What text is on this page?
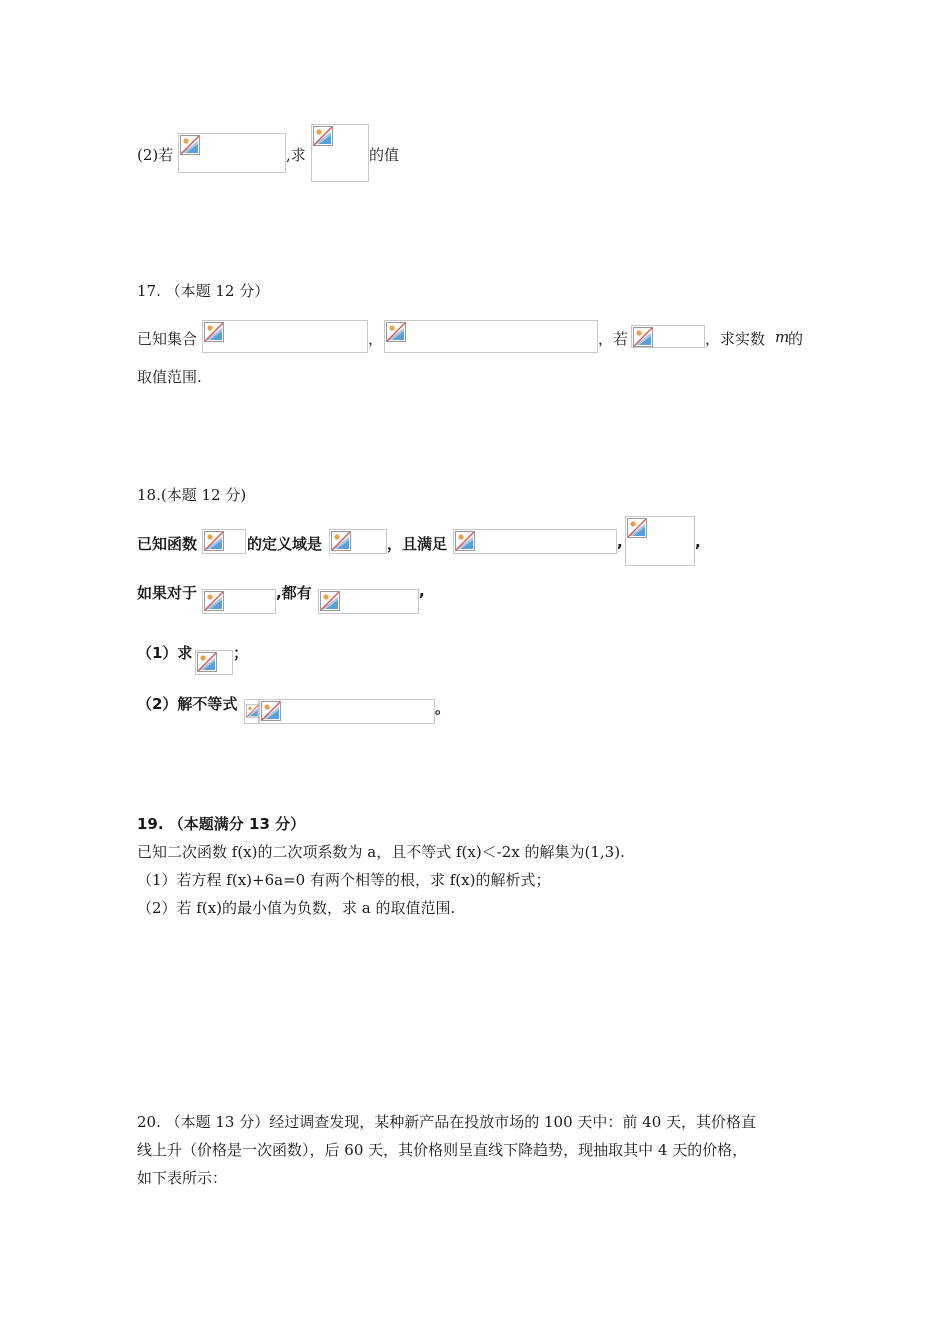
(2)若	,求	的值
17. （本题 12 分）
已知集合	，	，若	，求实数 m
的
取值范围.
18.(本题 12 分)
已知函数	的定义域是	，且满足	,	,
如果对于	,都有	,
（1）求	；
（2）解不等式	。
19. （本题满分 13 分）
已知二次函数 f(x)的二次项系数为 a，且不等式 f(x)＜-2x 的解集为(1,3).
（1）若方程 f(x)+6a=0 有两个相等的根，求 f(x)的解析式；
（2）若 f(x)的最小值为负数，求 a 的取值范围.
20. （本题 13 分）经过调查发现，某种新产品在投放市场的 100 天中：前 40 天，其价格直
线上升（价格是一次函数），后 60 天，其价格则呈直线下降趋势，现抽取其中 4 天的价格，
如下表所示：
